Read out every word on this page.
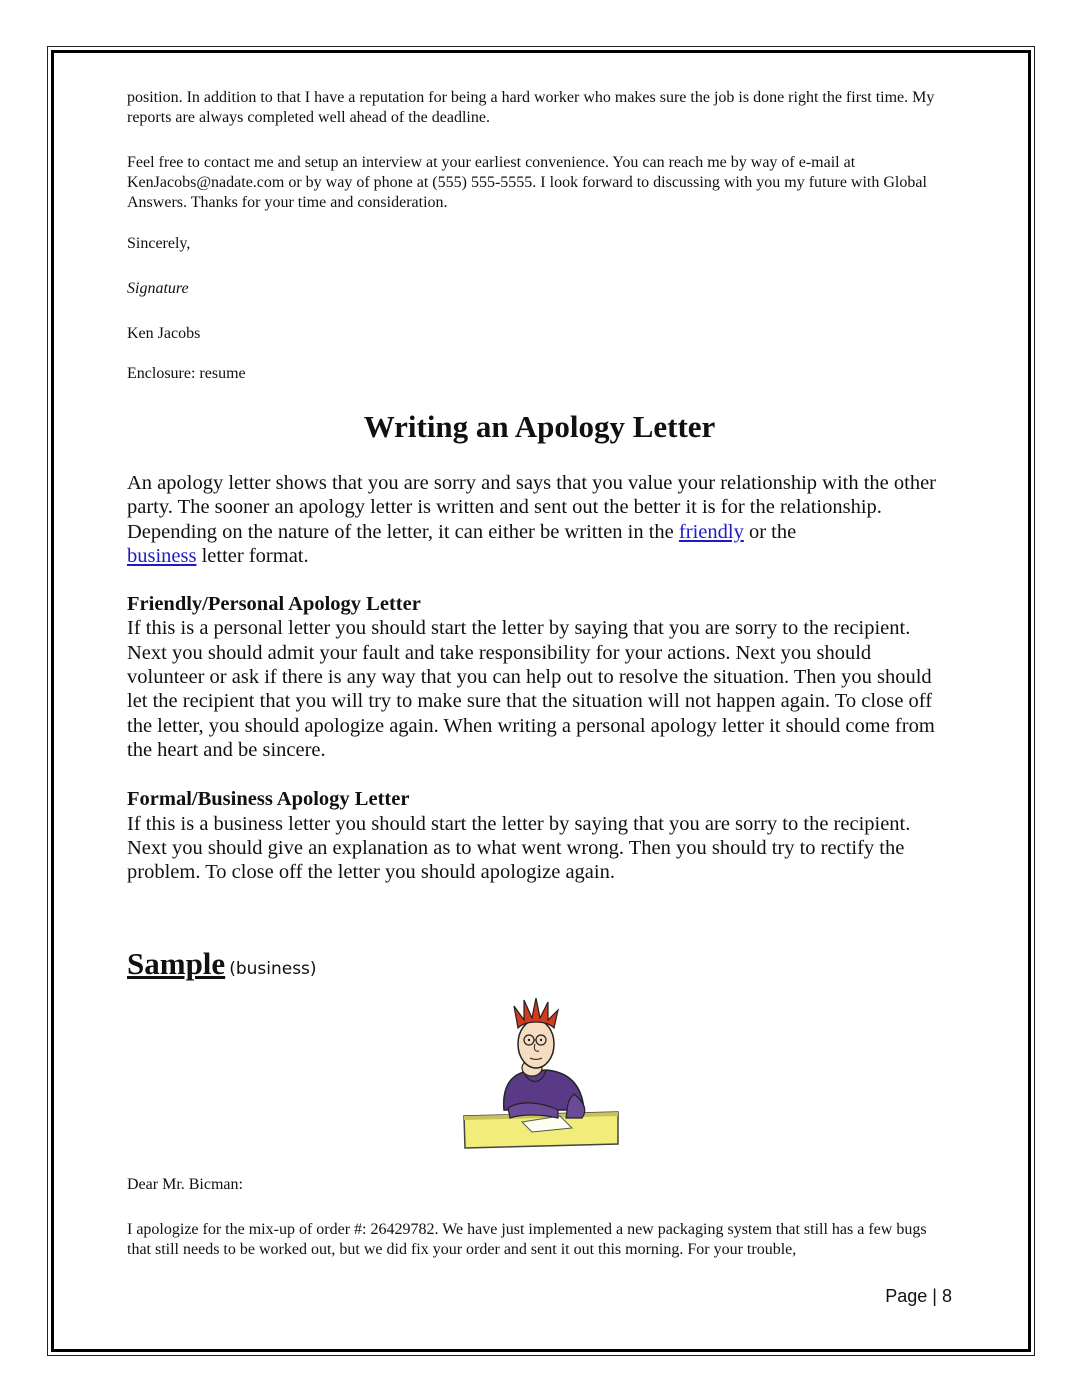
position. In addition to that I have a reputation for being a hard worker who makes sure the job is done right the first time. My reports are always completed well ahead of the deadline.

Feel free to contact me and setup an interview at your earliest convenience. You can reach me by way of e-mail at KenJacobs@nadate.com or by way of phone at (555) 555-5555. I look forward to discussing with you my future with Global Answers. Thanks for your time and consideration.

Sincerely,

Signature

Ken Jacobs

Enclosure: resume

Writing an Apology Letter

An apology letter shows that you are sorry and says that you value your relationship with the other party. The sooner an apology letter is written and sent out the better it is for the relationship. Depending on the nature of the letter, it can either be written in the friendly or the
business letter format.

Friendly/Personal Apology Letter

If this is a personal letter you should start the letter by saying that you are sorry to the recipient. Next you should admit your fault and take responsibility for your actions. Next you should volunteer or ask if there is any way that you can help out to resolve the situation. Then you should let the recipient that you will try to make sure that the situation will not happen again. To close off the letter, you should apologize again. When writing a personal apology letter it should come from the heart and be sincere.

Formal/Business Apology Letter

If this is a business letter you should start the letter by saying that you are sorry to the recipient. Next you should give an explanation as to what went wrong. Then you should try to rectify the problem. To close off the letter you should apologize again.

Sample (business)

Dear Mr. Bicman:

I apologize for the mix-up of order #: 26429782. We have just implemented a new packaging system that still has a few bugs that still needs to be worked out, but we did fix your order and sent it out this morning. For your trouble,

Page | 8
